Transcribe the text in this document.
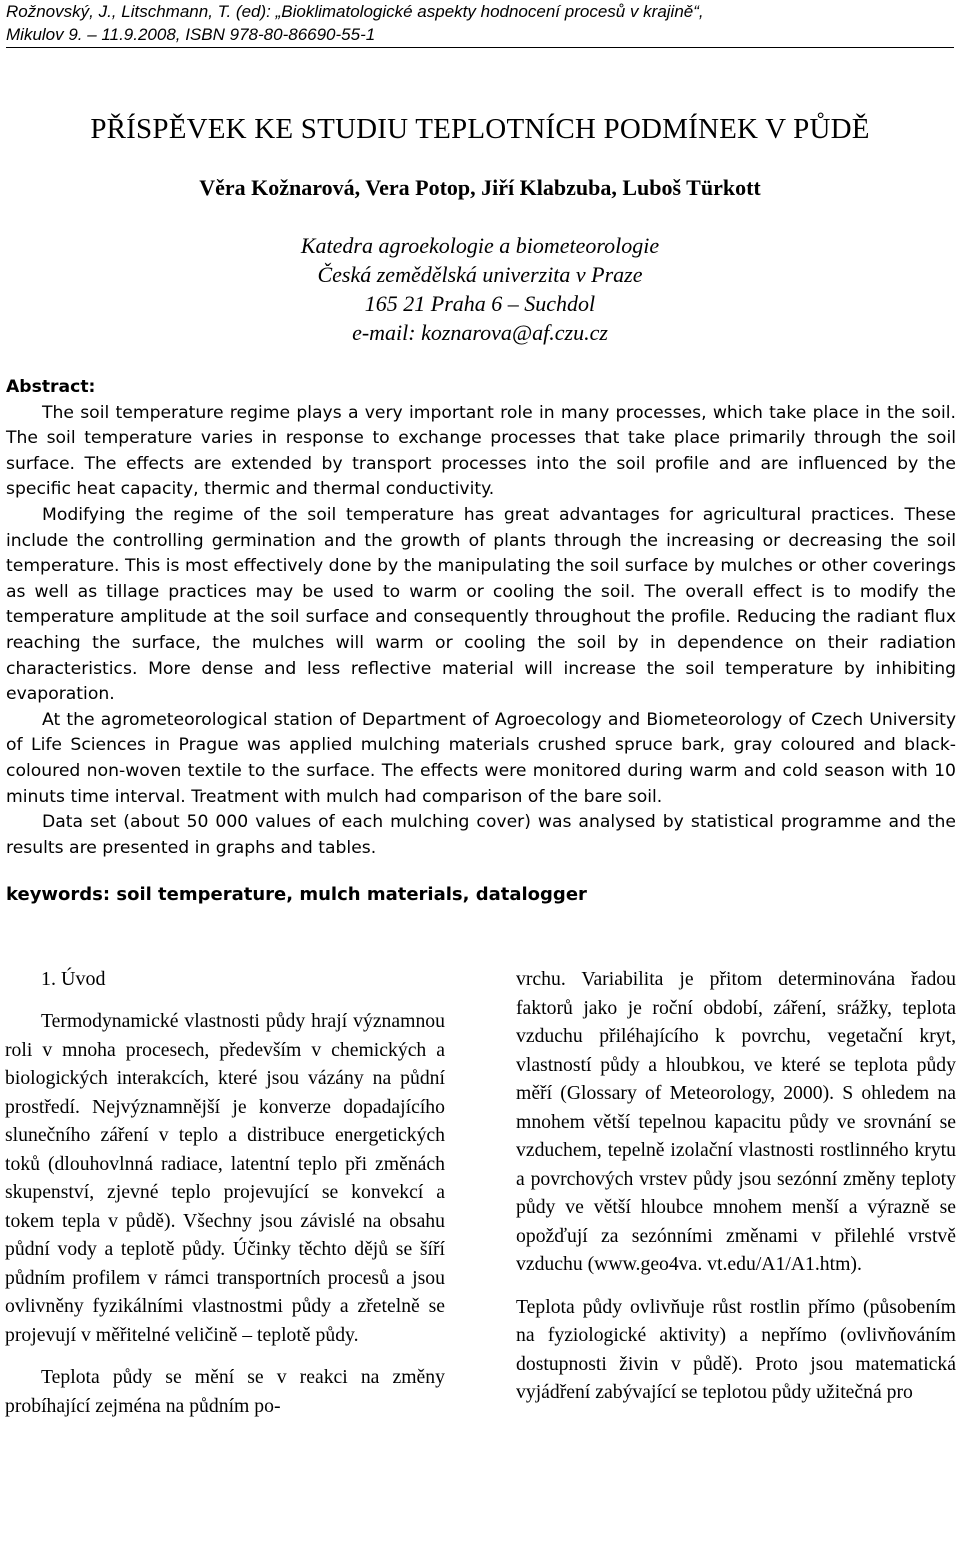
Rožnovský, J., Litschmann, T. (ed): „Bioklimatologické aspekty hodnocení procesů v krajině“,
Mikulov 9. – 11.9.2008, ISBN 978-80-86690-55-1
PŘÍSPĚVEK KE STUDIU TEPLOTNÍCH PODMÍNEK V PŮDĚ
Věra Kožnarová, Vera Potop, Jiří Klabzuba, Luboš Türkott
Katedra agroekologie a biometeorologie
Česká zemědělská univerzita v Praze
165 21 Praha 6 – Suchdol
e-mail: koznarova@af.czu.cz
Abstract:

The soil temperature regime plays a very important role in many processes, which take place in the soil. The soil temperature varies in response to exchange processes that take place primarily through the soil surface. The effects are extended by transport processes into the soil profile and are influenced by the specific heat capacity, thermic and thermal conductivity.

Modifying the regime of the soil temperature has great advantages for agricultural practices. These include the controlling germination and the growth of plants through the increasing or decreasing the soil temperature. This is most effectively done by the manipulating the soil surface by mulches or other coverings as well as tillage practices may be used to warm or cooling the soil. The overall effect is to modify the temperature amplitude at the soil surface and consequently throughout the profile. Reducing the radiant flux reaching the surface, the mulches will warm or cooling the soil by in dependence on their radiation characteristics. More dense and less reflective material will increase the soil temperature by inhibiting evaporation.

At the agrometeorological station of Department of Agroecology and Biometeorology of Czech University of Life Sciences in Prague was applied mulching materials crushed spruce bark, gray coloured and black-coloured non-woven textile to the surface. The effects were monitored during warm and cold season with 10 minuts time interval. Treatment with mulch had comparison of the bare soil.

Data set (about 50 000 values of each mulching cover) was analysed by statistical programme and the results are presented in graphs and tables.

keywords: soil temperature, mulch materials, datalogger
1. Úvod

Termodynamické vlastnosti půdy hrají významnou roli v mnoha procesech, především v chemických a biologických interakcích, které jsou vázány na půdní prostředí. Nejvýznamnější je konverze dopadajícího slunečního záření v teplo a distribuce energetických toků (dlouhovlnná radiace, latentní teplo při změnách skupenství, zjevné teplo projevující se konvekcí a tokem tepla v půdě). Všechny jsou závislé na obsahu půdní vody a teplotě půdy. Účinky těchto dějů se šíří půdním profilem v rámci transportních procesů a jsou ovlivněny fyzikálními vlastnostmi půdy a zřetelně se projevují v měřitelné veličině – teplotě půdy.

Teplota půdy se mění se v reakci na změny probíhající zejména na půdním po-

vrchu. Variabilita je přitom determinována řadou faktorů jako je roční období, záření, srážky, teplota vzduchu přiléhajícího k povrchu, vegetační kryt, vlastností půdy a hloubkou, ve které se teplota půdy měří (Glossary of Meteorology, 2000). S ohledem na mnohem větší tepelnou kapacitu půdy ve srovnání se vzduchem, tepelně izolační vlastnosti rostlinného krytu a povrchových vrstev půdy jsou sezónní změny teploty půdy ve větší hloubce mnohem menší a výrazně se opožďují za sezónními změnami v přilehlé vrstvě vzduchu (www.geo4va. vt.edu/A1/A1.htm).

Teplota půdy ovlivňuje růst rostlin přímo (působením na fyziologické aktivity) a nepřímo (ovlivňováním dostupnosti živin v půdě). Proto jsou matematická vyjádření zabývající se teplotou půdy užitečná pro
